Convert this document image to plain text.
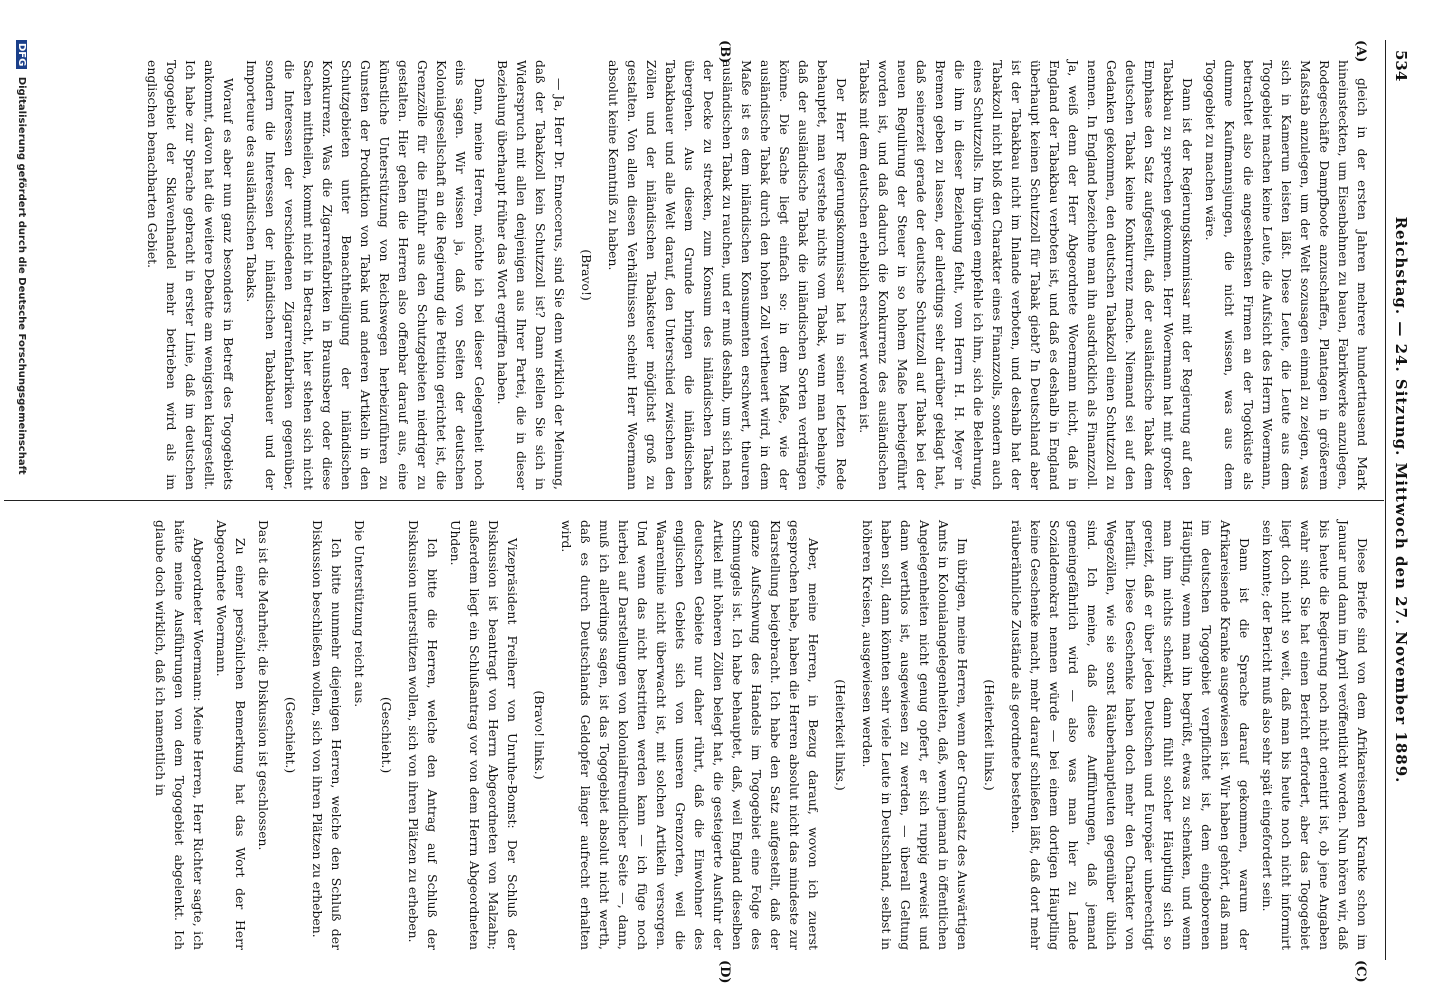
534
Reichstag. — 24. Sitzung. Mittwoch den 27. November 1889.
(A)
(B)
(C)
(D)

gleich in der ersten Jahren mehrere hunderttausend Mark hineinsteckten, um Eisenbahnen zu bauen, Fabrikwerke anzulegen, Rodegeschäfte Dampfboote anzuschaffen, Plantagen in größerem Maßstab anzulegen, um der Welt sozusagen einmal zu zeigen, was sich in Kamerun leisten läßt. Diese Leute, die Leute aus dem Togogebiet machen keine Leute, die Aufsicht des Herrn Woermann, betrachtet also die angesehensten Firmen an der Togoküste als dumme Kaufmannsjungen, die nicht wissen, was aus dem Togogebiet zu machen wäre.

Dann ist der Regierungskommissar mit der Regierung auf den Tabakbau zu sprechen gekommen. Herr Woermann hat mit großer Emphase den Satz aufgestellt, daß der ausländische Tabak dem deutschen Tabak keine Konkurrenz mache. Niemand sei auf den Gedanken gekommen, den deutschen Tabakzoll einen Schutzzoll zu nennen. In England bezeichne man ihn ausdrücklich als Finanzzoll. Ja, weiß denn der Herr Abgeordnete Woermann nicht, daß in England der Tabakbau verboten ist, und daß es deshalb in England überhaupt keinen Schutzzoll für Tabak giebt? In Deutschland aber ist der Tabakbau nicht im Inlande verboten, und deshalb hat der Tabakzoll nicht bloß den Charakter eines Finanzzolls, sondern auch eines Schutzzolls. Im übrigen empfehle ich ihm, sich die Belehrung, die ihm in dieser Beziehung fehlt, vom Herrn H. H. Meyer in Bremen geben zu lassen, der allerdings sehr darüber geklagt hat, daß seinerzeit gerade der deutsche Schutzzoll auf Tabak bei der neuen Regulirung der Steuer in so hohem Maße herbeigeführt worden ist, und daß dadurch die Konkurrenz des ausländischen Tabaks mit dem deutschen erheblich erschwert worden ist.

Der Herr Regierungskommissar hat in seiner letzten Rede behauptet, man verstehe nichts vom Tabak, wenn man behaupte, daß der ausländische Tabak die inländischen Sorten verdrängen könne. Die Sache liegt einfach so: in dem Maße, wie der ausländische Tabak durch den hohen Zoll vertheuert wird, in dem Maße ist es dem inländischen Konsumenten erschwert, theuren ausländischen Tabak zu rauchen, und er muß deshalb, um sich nach der Decke zu strecken, zum Konsum des inländischen Tabaks übergehen. Aus diesem Grunde bringen die inländischen Tabakbauer und alle Welt darauf, den Unterschied zwischen den Zöllen und der inländischen Tabaksteuer möglichst groß zu gestalten. Von allen diesen Verhältnissen scheint Herr Woermann absolut keine Kenntniß zu haben.

(Bravo!)

— Ja, Herr Dr. Enneccerus, sind Sie denn wirklich der Meinung, daß der Tabakzoll kein Schutzzoll ist? Dann stellen Sie sich in Widerspruch mit allen denjenigen aus Ihrer Partei, die in dieser Beziehung überhaupt früher das Wort ergriffen haben.

Dann, meine Herren, möchte ich bei dieser Gelegenheit noch eins sagen. Wir wissen ja, daß von Seiten der deutschen Kolonialgesellschaft an die Regierung die Petition gerichtet ist, die Grenzzölle für die Einfuhr aus den Schutzgebieten niedriger zu gestalten. Hier gehen die Herren also offenbar darauf aus, eine künstliche Unterstützung von Reichswegen herbeizuführen zu Gunsten der Produktion von Tabak und anderen Artikeln in den Schutzgebieten unter Benachtheiligung der inländischen Konkurrenz. Was die Zigarrenfabriken in Braunsberg oder diese Sachen mittheilen, kommt nicht in Betracht, hier stehen sich nicht die Interessen der verschiedenen Zigarrenfabriken gegenüber, sondern die Interessen der inländischen Tabakbauer und der Importeure des ausländischen Tabaks.

Worauf es aber nun ganz besonders in Betreff des Togogebiets ankommt, davon hat die weitere Debatte am wenigsten klargestellt. Ich habe zur Sprache gebracht in erster Linie, daß im deutschen Togogebiet der Sklavenhandel mehr betrieben wird als im englischen benachbarten Gebiet.

Diese Briefe sind von dem Afrikareisenden Kranke schon im Januar und dann im April veröffentlicht worden. Nun hören wir, daß bis heute die Regierung noch nicht orientirt ist, ob jene Angaben wahr sind. Sie hat einen Bericht erfordert, aber das Togogebiet liegt doch nicht so weit, daß man bis heute noch nicht informirt sein konnte; der Bericht muß also sehr spät eingefordert sein.

Dann ist die Sprache darauf gekommen, warum der Afrikareisende Kranke ausgewiesen ist. Wir haben gehört, daß man im deutschen Togogebiet verpflichtet ist, dem eingeborenen Häuptling, wenn man ihn begrüßt, etwas zu schenken, und wenn man ihm nichts schenkt, dann fühlt solcher Häuptling sich so gereizt, daß er über jeden Deutschen und Europäer unberechtigt herfällt. Diese Geschenke haben doch mehr den Charakter von Wegezöllen, wie sie sonst Räuberhauptleuten gegenüber üblich sind. Ich meine, daß diese Aufführungen, daß jemand gemeingefährlich wird — also was man hier zu Lande Sozialdemokrat nennen würde — bei einem dortigen Häuptling keine Geschenke macht, mehr darauf schließen läßt, daß dort mehr räuberähnliche Zustände als geordnete bestehen.

(Heiterkeit links.)

Im übrigen, meine Herren, wenn der Grundsatz des Auswärtigen Amts in Kolonialangelegenheiten, daß, wenn jemand in öffentlichen Angelegenheiten nicht genug opfert, er sich ruppig erweist und dann werthlos ist, ausgewiesen zu werden, — überall Geltung haben soll, dann könnten sehr viele Leute in Deutschland, selbst in höheren Kreisen, ausgewiesen werden.

(Heiterkeit links.)

Aber, meine Herren, in Bezug darauf, wovon ich zuerst gesprochen habe, haben die Herren absolut nicht das mindeste zur Klarstellung beigebracht. Ich habe den Satz aufgestellt, daß der ganze Aufschwung des Handels im Togogebiet eine Folge des Schmuggels ist. Ich habe behauptet, daß, weil England dieselben Artikel mit höheren Zöllen belegt hat, die gesteigerte Ausfuhr der deutschen Gebiete nur daher rührt, daß die Einwohner des englischen Gebiets sich von unseren Grenzorten, weil die Waarenlinie nicht überwacht ist, mit solchen Artikeln versorgen. Und wenn das nicht bestritten werden kann — ich füge noch hierbei auf Darstellungen von kolonialfreundlicher Seite —, dann, muß ich allerdings sagen, ist das Togogebiet absolut nicht werth, daß es durch Deutschlands Geldopfer länger aufrecht erhalten wird.

(Bravo! links.)

Vizepräsident Freiherr von Unruhe-Bomst: Der Schluß der Diskussion ist beantragt von Herrn Abgeordneten von Malzahn; außerdem liegt ein Schlußantrag vor von dem Herrn Abgeordneten Uhden.

Ich bitte die Herren, welche den Antrag auf Schluß der Diskussion unterstützen wollen, sich von ihren Plätzen zu erheben.

(Geschieht.)

Die Unterstützung reicht aus.

Ich bitte nunmehr diejenigen Herren, welche den Schluß der Diskussion beschließen wollen, sich von ihren Plätzen zu erheben.

(Geschieht.)

Das ist die Mehrheit; die Diskussion ist geschlossen.

Zu einer persönlichen Bemerkung hat das Wort der Herr Abgeordnete Woermann.

Abgeordneter Woermann: Meine Herren, Herr Richter sagte, ich hätte meine Ausführungen von dem Togogebiet abgelenkt. Ich glaube doch wirklich, daß ich namentlich in

DFG Digitalisierung gefördert durch die Deutsche Forschungsgemeinschaft
